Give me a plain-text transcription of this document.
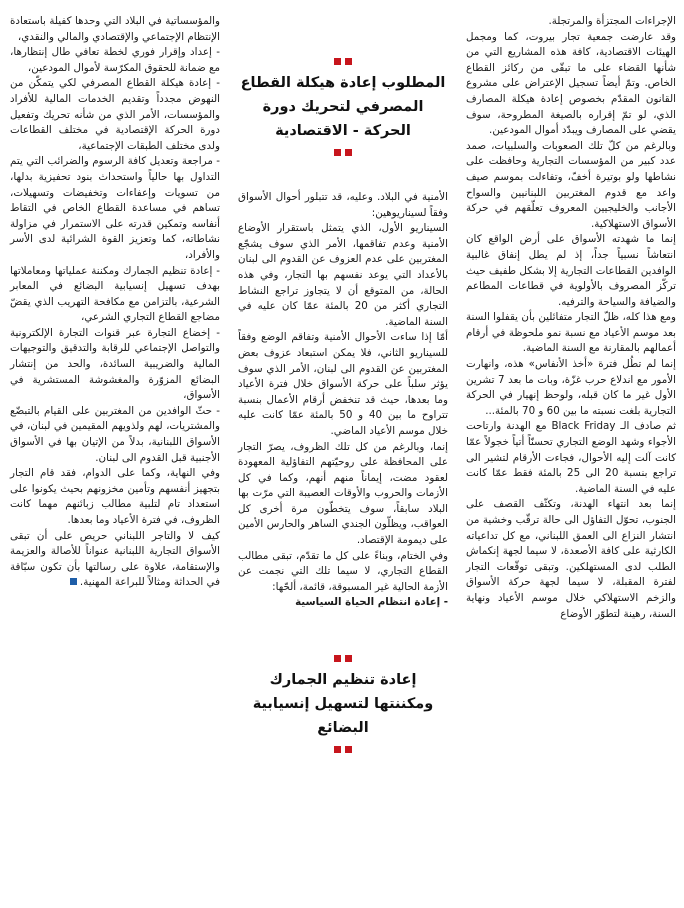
الإجراءات المجتزأة والمرتجلة.

وقد عارضت جمعية تجار بيروت، كما ومجمل الهيئات الاقتصادية، كافة هذه المشاريع التي من شأنها القضاء على ما تبقّى من ركائز القطاع الخاص. وتمّ أيضاً تسجيل الإعتراض على مشروع القانون المقدّم بخصوص إعادة هيكلة المصارف الذي، لو تمّ إقراره بالصيغة المطروحة، سوف يقضي على المصارف ويبدّد أموال المودعين.

وبالرغم من كلّ تلك الصعوبات والسلبيات، صمد عدد كبير من المؤسسات التجارية وحافظت على نشاطها ولو بوتيرة أخفّ، وتفاءلت بموسم صيف واعد مع قدوم المغتربين اللبنانيين والسواح الأجانب والخليجيين المعروف تعلّقهم في حركة الأسواق الاستهلاكية.

إنما ما شهدته الأسواق على أرض الواقع كان انتعاشاً نسبياً جداً، إذ لم يطل إنفاق غالبية الوافدين القطاعات التجارية إلا بشكل طفيف حيث تركّز المصروف بالأولوية في قطاعات المطاعم والضيافة والسياحة والترفيه.

ومع هذا كله، ظلّ التجار متفائلين بأن يقفلوا السنة بعد موسم الأعياد مع نسبة نمو ملحوظة في أرقام أعمالهم بالمقارنة مع السنة الماضية.

إنما لم تطُل فترة «أخذ الأنفاس» هذه، وانهارت الأمور مع اندلاع حرب غزّة، وبات ما بعد 7 تشرين الأول غير ما كان قبله، ولوحظ إنهيار في الحركة التجارية بلغت نسبته ما بين 60 و 70 بالمئة...

ثم صادف الـ Black Friday مع الهدنة وارتاحت الأجواء وشهد الوضع التجاري تحسنّاً أتياً خجولاً عمّا كانت آلت إليه الأحوال، فجاءت الأرقام لتشير الى تراجع بنسبة 20 الى 25 بالمئة فقط عمّا كانت عليه في السنة الماضية.

إنما بعد انتهاء الهدنة، وتكثّف القصف على الجنوب، تحوّل التفاؤل الى حالة ترقّب وخشية من انتشار النزاع الى العمق اللبناني، مع كل تداعياته الكارثية على كافة الأصعدة، لا سيما لجهة إنكماش الطلب لدى المستهلكين. وتبقى توقّعات التجار لفترة المقبلة، لا سيما لجهة حركة الأسواق والزخم الاستهلاكي خلال موسم الأعياد ونهاية السنة، رهينة لتطوّر الأوضاع

المطلوب إعادة هيكلة القطاع المصرفي لتحريك دورة الحركة - الاقتصادية

الأمنية في البلاد. وعليه، قد تتبلور أحوال الأسواق وفقاً لسيناريوهين:

السيناريو الأول، الذي يتمثل باستقرار الأوضاع الأمنية وعدم تفاقمها، الأمر الذي سوف يشجّع المغتربين على عدم العزوف عن القدوم الى لبنان بالأعداد التي يوعد نفسهم بها التجار، وفي هذه الحالة، من المتوقع أن لا يتجاوز تراجع النشاط التجاري أكثر من 20 بالمئة عمّا كان عليه في السنة الماضية.

أمّا إذا ساءت الأحوال الأمنية وتفاقم الوضع وفقاً للسيناريو الثاني، فلا يمكن استبعاد عزوف بعض المغتربين عن القدوم الى لبنان، الأمر الذي سوف يؤثر سلباً على حركة الأسواق خلال فترة الأعياد وما بعدها، حيث قد تنخفض أرقام الأعمال بنسبة تتراوح ما بين 40 و 50 بالمئة عمّا كانت عليه خلال موسم الأعياد الماضي.

إنما، وبالرغم من كل تلك الظروف، يصرّ التجار على المحافظة على روحيّتهم التفاؤلية المعهودة لعقود مضت، إيماناً منهم أنهم، وكما في كل الأزمات والحروب والأوقات العصيبة التي مرّت بها البلاد سابقاً، سوف يتخطّون مرة أخرى كل العواقب، ويظلّون الجندي الساهر والحارس الأمين على ديمومة الإقتصاد.

وفي الختام، وبناءً على كل ما تقدّم، تبقى مطالب القطاع التجاري، لا سيما تلك التي نجمت عن الأزمة الحالية غير المسبوقة، قائمة، ألحّها:

- إعادة انتظام الحياة السياسية

إعادة تنظيم الجمارك ومكننتها لتسهيل إنسيابية البضائع

والمؤسساتية في البلاد التي وحدها كفيلة باستعادة الإنتظام الإجتماعي والإقتصادي والمالي والنقدي،

- إعداد وإقرار فوري لخطة تعافي طال إنتظارها، مع ضمانة للحقوق المكرّسة لأموال المودعين،

- إعادة هيكلة القطاع المصرفي لكي يتمكّن من النهوض مجدداً وتقديم الخدمات المالية للأفراد والمؤسسات، الأمر الذي من شأنه تحريك وتفعيل دورة الحركة الإقتصادية في مختلف القطاعات ولدى مختلف الطبقات الإجتماعية،

- مراجعة وتعديل كافة الرسوم والضرائب التي يتم التداول بها حالياً واستحداث بنود تحفيزية بدلها، من تسويات وإعفاءات وتخفيضات وتسهيلات، تساهم في مساعدة القطاع الخاص في التقاط أنفاسه وتمكين قدرته على الاستمرار في مزاولة نشاطاته، كما وتعزيز القوة الشرائية لدى الأسر والأفراد،

- إعادة تنظيم الجمارك ومكننة عملياتها ومعاملاتها بهدف تسهيل إنسيابية البضائع في المعابر الشرعية، بالتزامن مع مكافحة التهريب الذي يقضّ مضاجع القطاع التجاري الشرعي،

- إخضاع التجارة عبر قنوات التجارة الإلكترونية والتواصل الإجتماعي للرقابة والتدقيق والتوجيهات المالية والضريبية السائدة، والحد من إنتشار البضائع المزوّرة والمغشوشة المستشرية في الأسواق،

- حثّ الوافدين من المغتربين على القيام بالتبضّع والمشتريات، لهم ولذويهم المقيمين في لبنان، في الأسواق اللبنانية، بدلاً من الإتيان بها في الأسواق الأجنبية قبل القدوم الى لبنان.

وفي النهاية، وكما على الدوام، فقد قام التجار بتجهيز أنفسهم وتأمين مخزونهم بحيث يكونوا على استعداد تام لتلبية مطالب زبائنهم مهما كانت الظروف، في فترة الأعياد وما بعدها.

كيف لا والتاجر اللبناني حريص على أن تبقى الأسواق التجارية اللبنانية عنواناً للأصالة والعزيمة والإستقامة، علاوة على رسالتها بأن تكون سبّاقة في الحداثة ومثالاً للبراعة المهنية.
